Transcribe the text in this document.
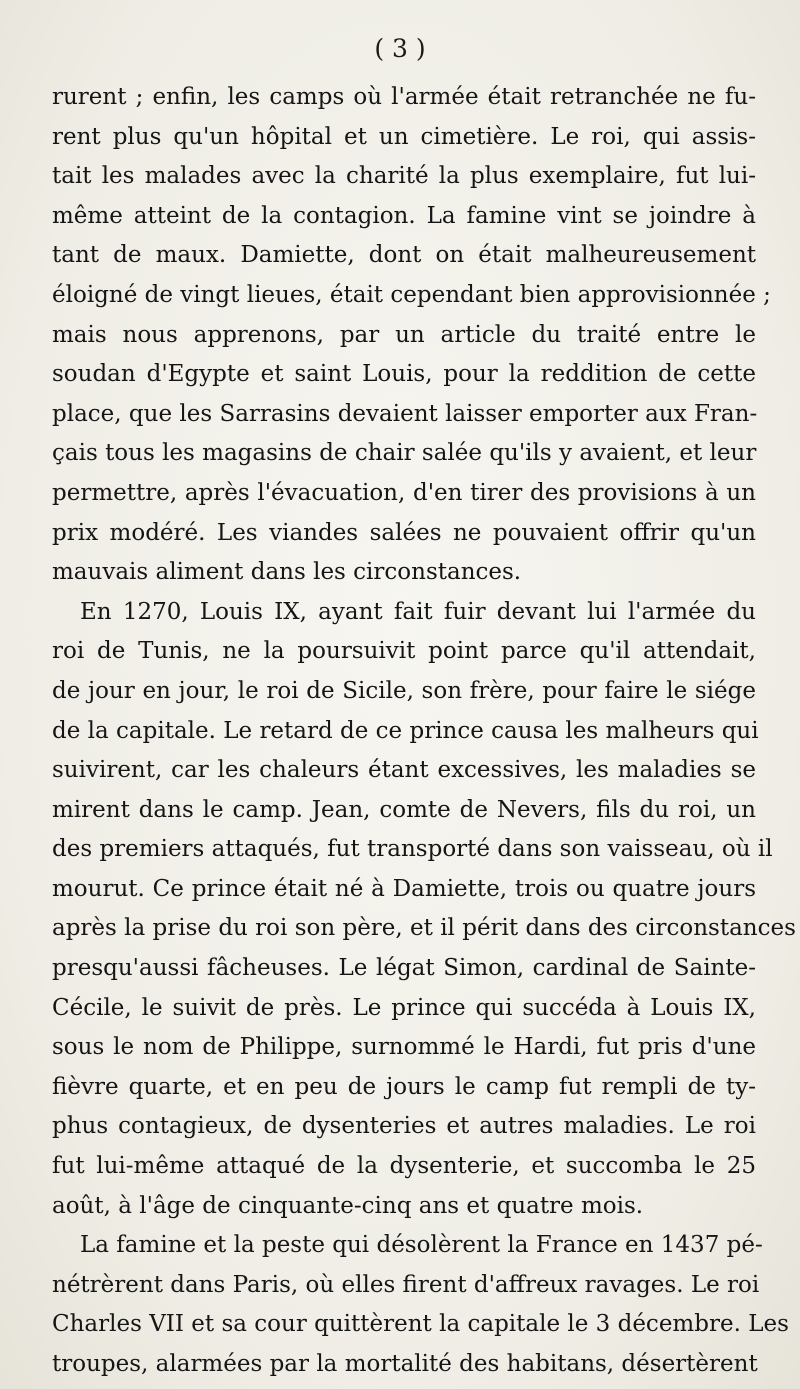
( 3 )
rurent ; enfin, les camps où l'armée était retranchée ne fu-
rent plus qu'un hôpital et un cimetière. Le roi, qui assis-
tait les malades avec la charité la plus exemplaire, fut lui-
même atteint de la contagion. La famine vint se joindre à
tant de maux. Damiette, dont on était malheureusement
éloigné de vingt lieues, était cependant bien approvisionnée ;
mais nous apprenons, par un article du traité entre le
soudan d'Egypte et saint Louis, pour la reddition de cette
place, que les Sarrasins devaient laisser emporter aux Fran-
çais tous les magasins de chair salée qu'ils y avaient, et leur
permettre, après l'évacuation, d'en tirer des provisions à un
prix modéré. Les viandes salées ne pouvaient offrir qu'un
mauvais aliment dans les circonstances.
En 1270, Louis IX, ayant fait fuir devant lui l'armée du
roi de Tunis, ne la poursuivit point parce qu'il attendait,
de jour en jour, le roi de Sicile, son frère, pour faire le siége
de la capitale. Le retard de ce prince causa les malheurs qui
suivirent, car les chaleurs étant excessives, les maladies se
mirent dans le camp. Jean, comte de Nevers, fils du roi, un
des premiers attaqués, fut transporté dans son vaisseau, où il
mourut. Ce prince était né à Damiette, trois ou quatre jours
après la prise du roi son père, et il périt dans des circonstances
presqu'aussi fâcheuses. Le légat Simon, cardinal de Sainte-
Cécile, le suivit de près. Le prince qui succéda à Louis IX,
sous le nom de Philippe, surnommé le Hardi, fut pris d'une
fièvre quarte, et en peu de jours le camp fut rempli de ty-
phus contagieux, de dysenteries et autres maladies. Le roi
fut lui-même attaqué de la dysenterie, et succomba le 25
août, à l'âge de cinquante-cinq ans et quatre mois.
La famine et la peste qui désolèrent la France en 1437 pé-
nétrèrent dans Paris, où elles firent d'affreux ravages. Le roi
Charles VII et sa cour quittèrent la capitale le 3 décembre. Les
troupes, alarmées par la mortalité des habitans, désertèrent
